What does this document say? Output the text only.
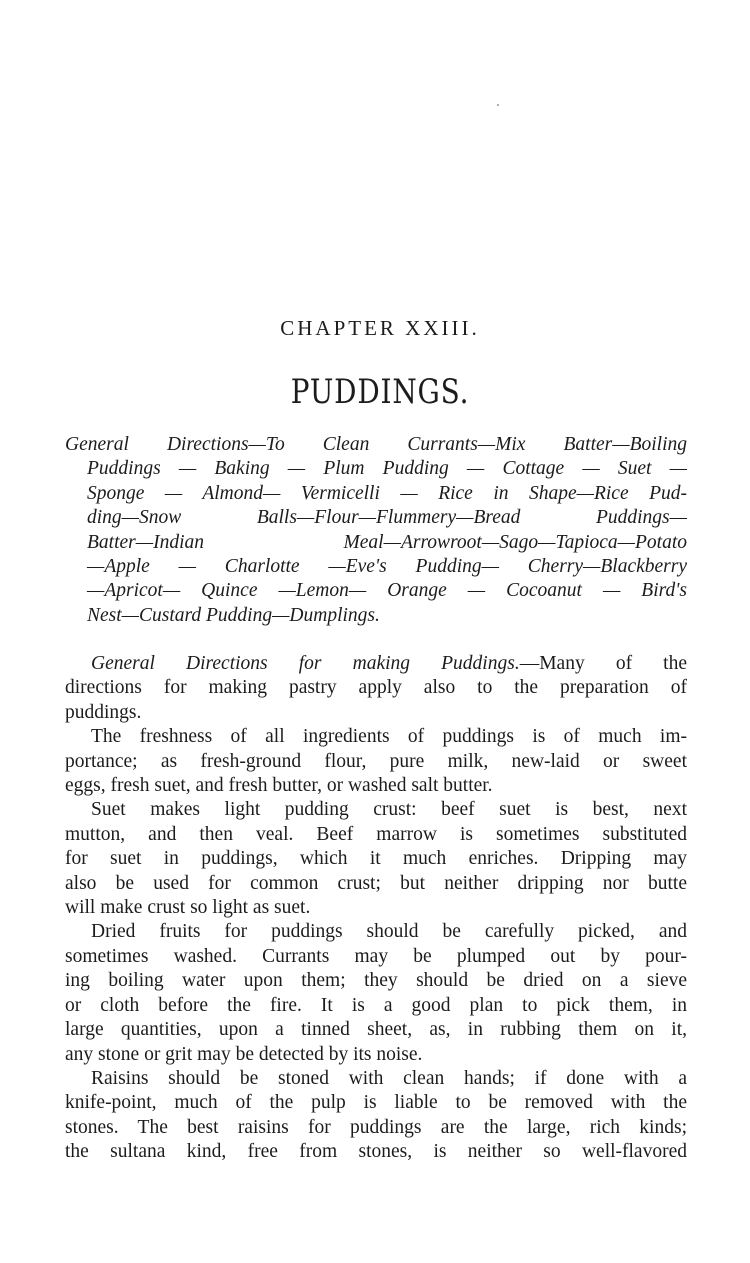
CHAPTER XXIII.
PUDDINGS.
General Directions—To Clean Currants—Mix Batter—Boiling
Puddings — Baking — Plum Pudding — Cottage — Suet —
Sponge — Almond— Vermicelli — Rice in Shape—Rice Pud-
ding—Snow Balls—Flour—Flummery—Bread Puddings—
Batter—Indian Meal—Arrowroot—Sago—Tapioca—Potato
—Apple — Charlotte —Eve's Pudding— Cherry—Blackberry
—Apricot— Quince —Lemon— Orange — Cocoanut — Bird's
Nest—Custard Pudding—Dumplings.
General Directions for making Puddings.—Many of the
directions for making pastry apply also to the preparation of
puddings.
The freshness of all ingredients of puddings is of much im-
portance; as fresh-ground flour, pure milk, new-laid or sweet
eggs, fresh suet, and fresh butter, or washed salt butter.
Suet makes light pudding crust: beef suet is best, next
mutton, and then veal. Beef marrow is sometimes substituted
for suet in puddings, which it much enriches. Dripping may
also be used for common crust; but neither dripping nor butte
will make crust so light as suet.
Dried fruits for puddings should be carefully picked, and
sometimes washed. Currants may be plumped out by pour-
ing boiling water upon them; they should be dried on a sieve
or cloth before the fire. It is a good plan to pick them, in
large quantities, upon a tinned sheet, as, in rubbing them on it,
any stone or grit may be detected by its noise.
Raisins should be stoned with clean hands; if done with a
knife-point, much of the pulp is liable to be removed with the
stones. The best raisins for puddings are the large, rich kinds;
the sultana kind, free from stones, is neither so well-flavored
